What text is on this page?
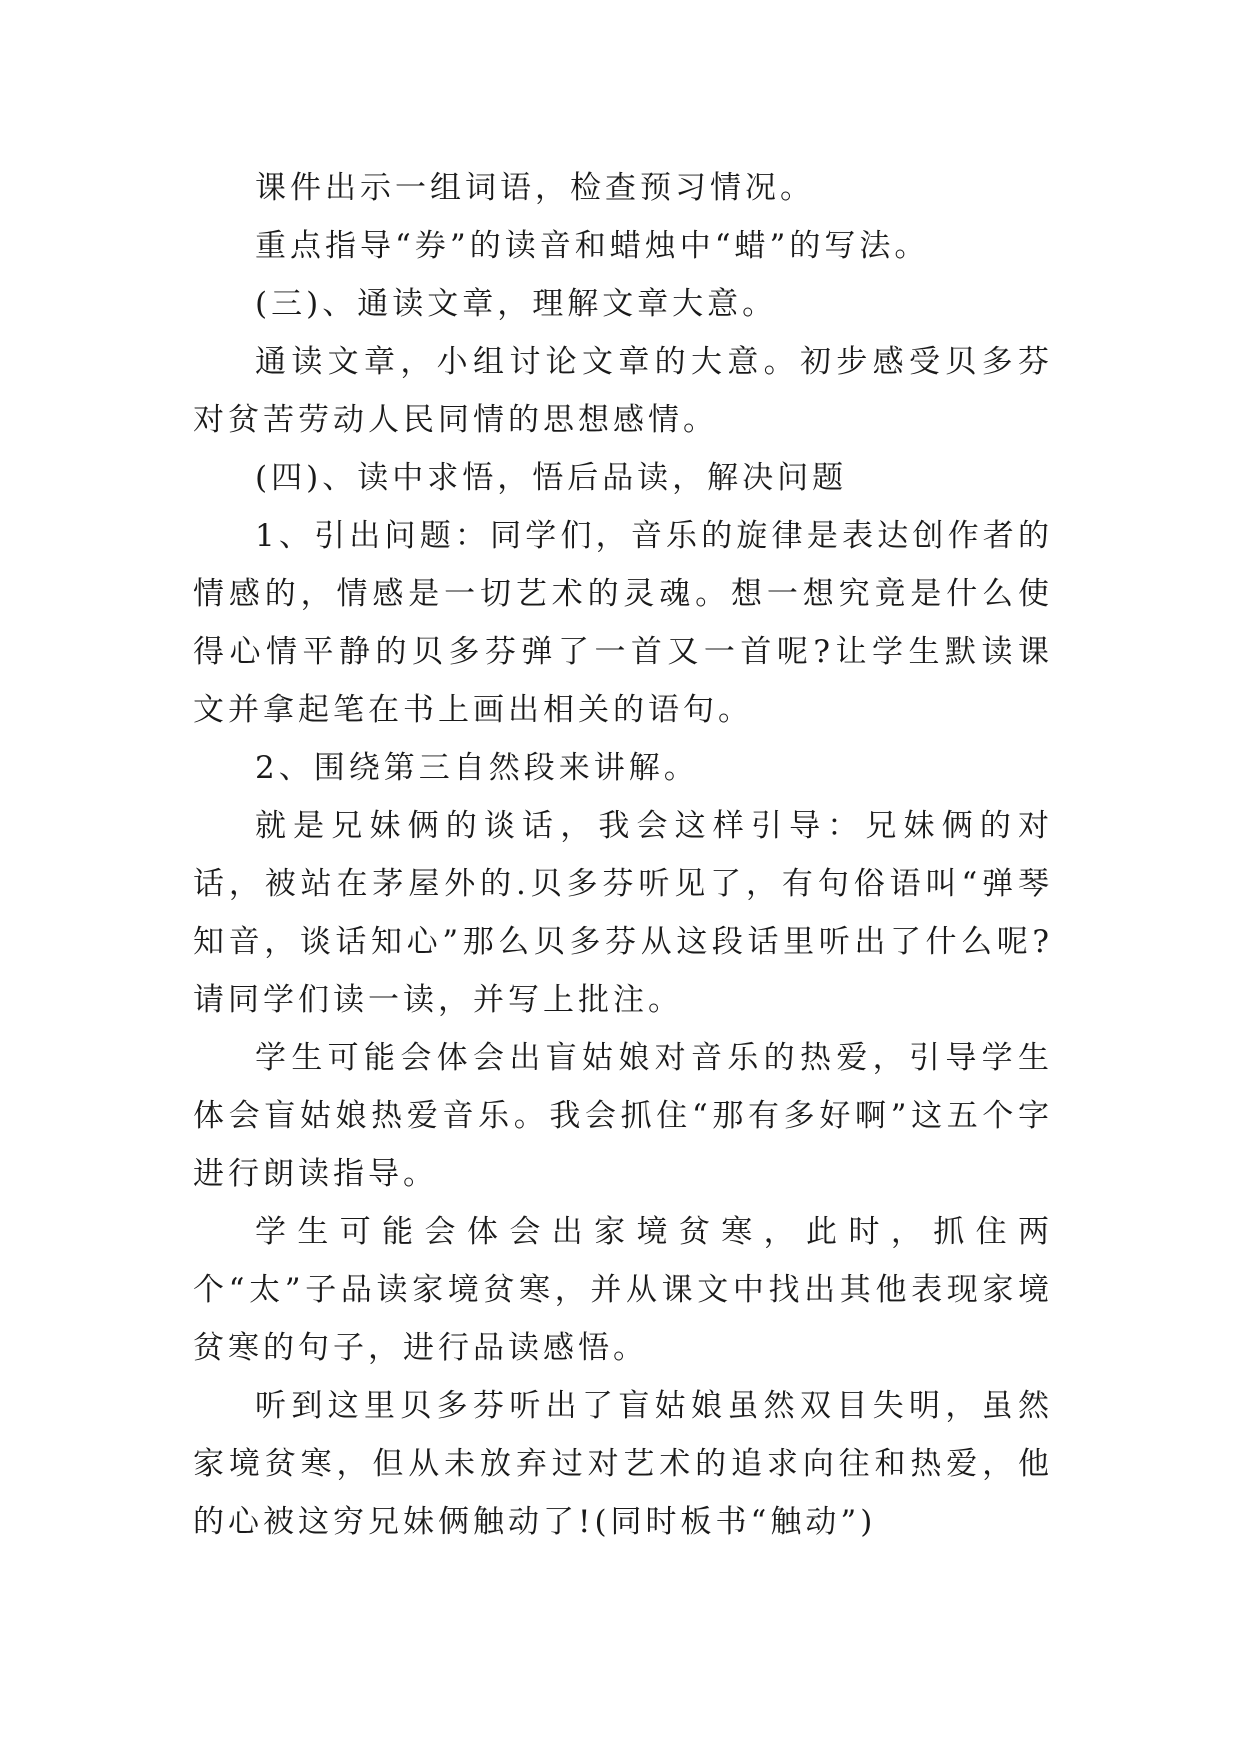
课件出示一组词语，检查预习情况。

重点指导“券”的读音和蜡烛中“蜡”的写法。

(三)、通读文章，理解文章大意。

通读文章，小组讨论文章的大意。初步感受贝多芬对贫苦劳动人民同情的思想感情。

(四)、读中求悟，悟后品读，解决问题

1、引出问题：同学们，音乐的旋律是表达创作者的情感的，情感是一切艺术的灵魂。想一想究竟是什么使得心情平静的贝多芬弹了一首又一首呢?让学生默读课文并拿起笔在书上画出相关的语句。

2、围绕第三自然段来讲解。

就是兄妹俩的谈话，我会这样引导：兄妹俩的对话，被站在茅屋外的.贝多芬听见了，有句俗语叫“弹琴知音，谈话知心”那么贝多芬从这段话里听出了什么呢?请同学们读一读，并写上批注。

学生可能会体会出盲姑娘对音乐的热爱，引导学生体会盲姑娘热爱音乐。我会抓住“那有多好啊”这五个字进行朗读指导。

学生可能会体会出家境贫寒，此时，抓住两个“太”子品读家境贫寒，并从课文中找出其他表现家境贫寒的句子，进行品读感悟。

听到这里贝多芬听出了盲姑娘虽然双目失明，虽然家境贫寒，但从未放弃过对艺术的追求向往和热爱，他的心被这穷兄妹俩触动了!(同时板书“触动”)
